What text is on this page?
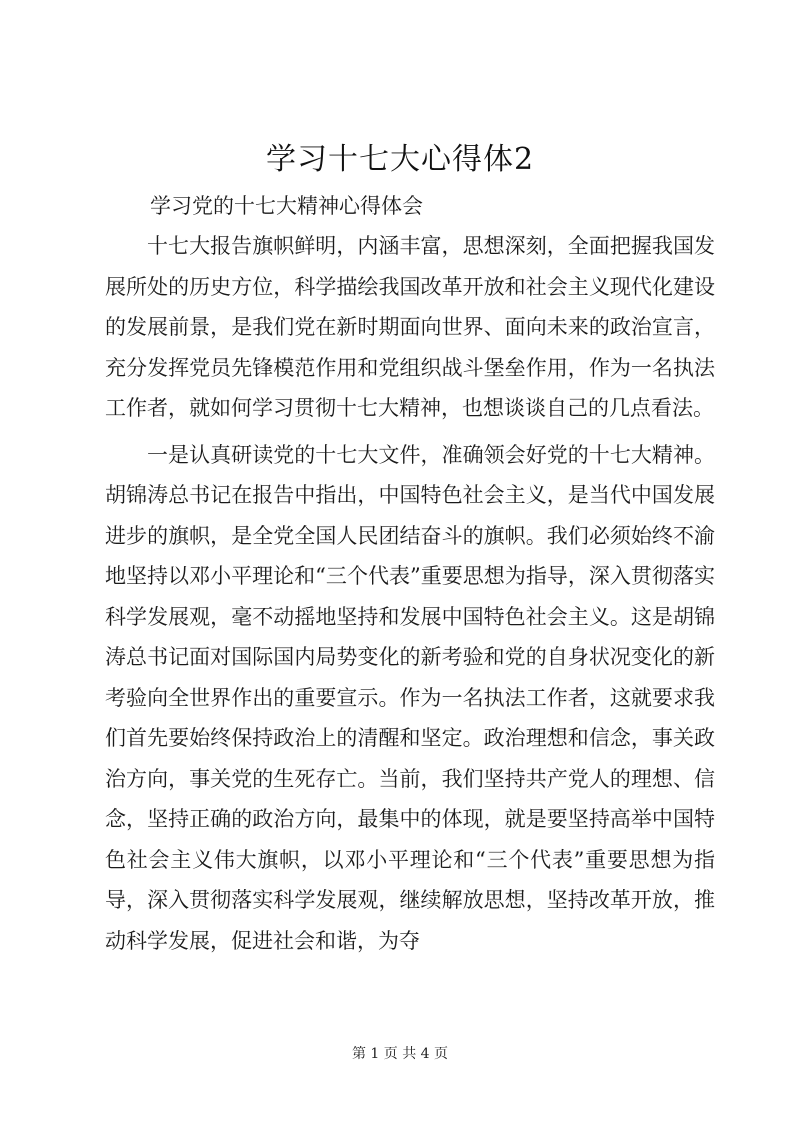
学习十七大心得体2
学习党的十七大精神心得体会

十七大报告旗帜鲜明，内涵丰富，思想深刻，全面把握我国发展所处的历史方位，科学描绘我国改革开放和社会主义现代化建设的发展前景，是我们党在新时期面向世界、面向未来的政治宣言，充分发挥党员先锋模范作用和党组织战斗堡垒作用，作为一名执法工作者，就如何学习贯彻十七大精神，也想谈谈自己的几点看法。

一是认真研读党的十七大文件，准确领会好党的十七大精神。胡锦涛总书记在报告中指出，中国特色社会主义，是当代中国发展进步的旗帜，是全党全国人民团结奋斗的旗帜。我们必须始终不渝地坚持以邓小平理论和“三个代表”重要思想为指导，深入贯彻落实科学发展观，毫不动摇地坚持和发展中国特色社会主义。这是胡锦涛总书记面对国际国内局势变化的新考验和党的自身状况变化的新考验向全世界作出的重要宣示。作为一名执法工作者，这就要求我们首先要始终保持政治上的清醒和坚定。政治理想和信念，事关政治方向，事关党的生死存亡。当前，我们坚持共产党人的理想、信念，坚持正确的政治方向，最集中的体现，就是要坚持高举中国特色社会主义伟大旗帜，以邓小平理论和“三个代表”重要思想为指导，深入贯彻落实科学发展观，继续解放思想，坚持改革开放，推动科学发展，促进社会和谐，为夺

第 1 页 共 4 页
